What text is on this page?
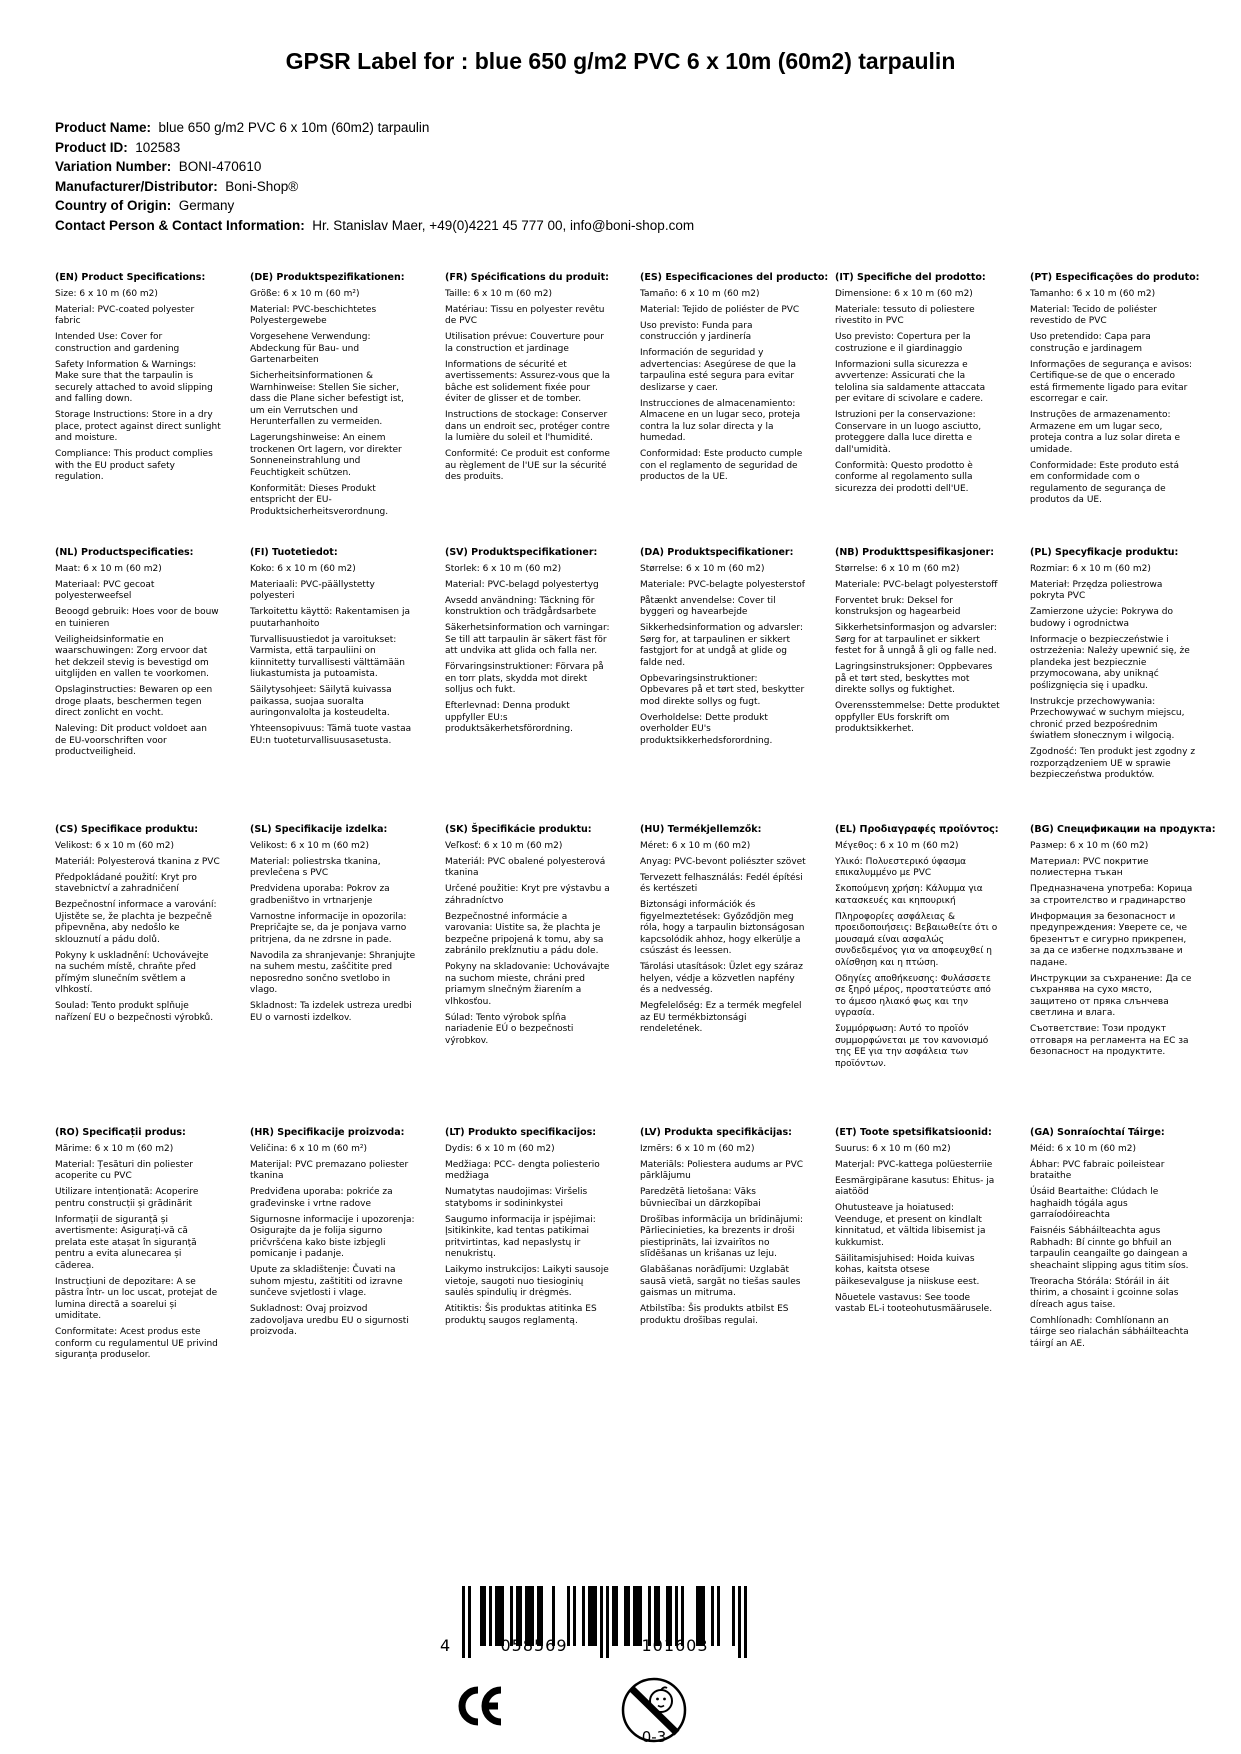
GPSR Label for : blue 650 g/m2 PVC 6 x 10m (60m2) tarpaulin
Product Name:  blue 650 g/m2 PVC 6 x 10m (60m2) tarpaulin
Product ID:  102583
Variation Number:  BONI-470610
Manufacturer/Distributor:  Boni-Shop®
Country of Origin:  Germany
Contact Person & Contact Information:  Hr. Stanislav Maer, +49(0)4221 45 777 00, info@boni-shop.com
(EN) Product Specifications:

Size: 6 x 10 m (60 m2)

Material: PVC-coated polyester fabric

Intended Use: Cover for construction and gardening

Safety Information & Warnings: Make sure that the tarpaulin is securely attached to avoid slipping and falling down.

Storage Instructions: Store in a dry place, protect against direct sunlight and moisture.

Compliance: This product complies with the EU product safety regulation.

(DE) Produktspezifikationen:

Größe: 6 x 10 m (60 m²)

Material: PVC-beschichtetes Polyestergewebe

Vorgesehene Verwendung: Abdeckung für Bau- und Gartenarbeiten

Sicherheitsinformationen & Warnhinweise: Stellen Sie sicher, dass die Plane sicher befestigt ist, um ein Verrutschen und Herunterfallen zu vermeiden.

Lagerungshinweise: An einem trockenen Ort lagern, vor direkter Sonneneinstrahlung und Feuchtigkeit schützen.

Konformität: Dieses Produkt entspricht der EU-Produktsicherheitsverordnung.

(FR) Spécifications du produit:

Taille: 6 x 10 m (60 m2)

Matériau: Tissu en polyester revêtu de PVC

Utilisation prévue: Couverture pour la construction et jardinage

Informations de sécurité et avertissements: Assurez-vous que la bâche est solidement fixée pour éviter de glisser et de tomber.

Instructions de stockage: Conserver dans un endroit sec, protéger contre la lumière du soleil et l'humidité.

Conformité: Ce produit est conforme au règlement de l'UE sur la sécurité des produits.

(ES) Especificaciones del producto:

Tamaño: 6 x 10 m (60 m2)

Material: Tejido de poliéster de PVC

Uso previsto: Funda para construcción y jardinería

Información de seguridad y advertencias: Asegúrese de que la tarpaulina esté segura para evitar deslizarse y caer.

Instrucciones de almacenamiento: Almacene en un lugar seco, proteja contra la luz solar directa y la humedad.

Conformidad: Este producto cumple con el reglamento de seguridad de productos de la UE.

(IT) Specifiche del prodotto:

Dimensione: 6 x 10 m (60 m2)

Materiale: tessuto di poliestere rivestito in PVC

Uso previsto: Copertura per la costruzione e il giardinaggio

Informazioni sulla sicurezza e avvertenze: Assicurati che la telolina sia saldamente attaccata per evitare di scivolare e cadere.

Istruzioni per la conservazione: Conservare in un luogo asciutto, proteggere dalla luce diretta e dall'umidità.

Conformità: Questo prodotto è conforme al regolamento sulla sicurezza dei prodotti dell'UE.

(PT) Especificações do produto:

Tamanho: 6 x 10 m (60 m2)

Material: Tecido de poliéster revestido de PVC

Uso pretendido: Capa para construção e jardinagem

Informações de segurança e avisos: Certifique-se de que o encerado está firmemente ligado para evitar escorregar e cair.

Instruções de armazenamento: Armazene em um lugar seco, proteja contra a luz solar direta e umidade.

Conformidade: Este produto está em conformidade com o regulamento de segurança de produtos da UE.

(NL) Productspecificaties:

Maat: 6 x 10 m (60 m2)

Materiaal: PVC gecoat polyesterweefsel

Beoogd gebruik: Hoes voor de bouw en tuinieren

Veiligheidsinformatie en waarschuwingen: Zorg ervoor dat het dekzeil stevig is bevestigd om uitglijden en vallen te voorkomen.

Opslaginstructies: Bewaren op een droge plaats, beschermen tegen direct zonlicht en vocht.

Naleving: Dit product voldoet aan de EU-voorschriften voor productveiligheid.

(FI) Tuotetiedot:

Koko: 6 x 10 m (60 m2)

Materiaali: PVC-päällystetty polyesteri

Tarkoitettu käyttö: Rakentamisen ja puutarhanhoito

Turvallisuustiedot ja varoitukset: Varmista, että tarpauliini on kiinnitetty turvallisesti välttämään liukastumista ja putoamista.

Säilytysohjeet: Säilytä kuivassa paikassa, suojaa suoralta auringonvalolta ja kosteudelta.

Yhteensopivuus: Tämä tuote vastaa EU:n tuoteturvallisuusasetusta.

(SV) Produktspecifikationer:

Storlek: 6 x 10 m (60 m2)

Material: PVC-belagd polyestertyg

Avsedd användning: Täckning för konstruktion och trädgårdsarbete

Säkerhetsinformation och varningar: Se till att tarpaulin är säkert fäst för att undvika att glida och falla ner.

Förvaringsinstruktioner: Förvara på en torr plats, skydda mot direkt solljus och fukt.

Efterlevnad: Denna produkt uppfyller EU:s produktsäkerhetsförordning.

(DA) Produktspecifikationer:

Størrelse: 6 x 10 m (60 m2)

Materiale: PVC-belagte polyesterstof

Påtænkt anvendelse: Cover til byggeri og havearbejde

Sikkerhedsinformation og advarsler: Sørg for, at tarpaulinen er sikkert fastgjort for at undgå at glide og falde ned.

Opbevaringsinstruktioner: Opbevares på et tørt sted, beskytter mod direkte sollys og fugt.

Overholdelse: Dette produkt overholder EU's produktsikkerhedsforordning.

(NB) Produkttspesifikasjoner:

Størrelse: 6 x 10 m (60 m2)

Materiale: PVC-belagt polyesterstoff

Forventet bruk: Deksel for konstruksjon og hagearbeid

Sikkerhetsinformasjon og advarsler: Sørg for at tarpaulinet er sikkert festet for å unngå å gli og falle ned.

Lagringsinstruksjoner: Oppbevares på et tørt sted, beskyttes mot direkte sollys og fuktighet.

Overensstemmelse: Dette produktet oppfyller EUs forskrift om produktsikkerhet.

(PL) Specyfikacje produktu:

Rozmiar: 6 x 10 m (60 m2)

Materiał: Przędza poliestrowa pokryta PVC

Zamierzone użycie: Pokrywa do budowy i ogrodnictwa

Informacje o bezpieczeństwie i ostrzeżenia: Należy upewnić się, że plandeka jest bezpiecznie przymocowana, aby uniknąć poślizgnięcia się i upadku.

Instrukcje przechowywania: Przechowywać w suchym miejscu, chronić przed bezpośrednim światłem słonecznym i wilgocią.

Zgodność: Ten produkt jest zgodny z rozporządzeniem UE w sprawie bezpieczeństwa produktów.

(CS) Specifikace produktu:

Velikost: 6 x 10 m (60 m2)

Materiál: Polyesterová tkanina z PVC

Předpokládané použití: Kryt pro stavebnictví a zahradničení

Bezpečnostní informace a varování: Ujistěte se, že plachta je bezpečně připevněna, aby nedošlo ke sklouznutí a pádu dolů.

Pokyny k uskladnění: Uchovávejte na suchém místě, chraňte před přímým slunečním světlem a vlhkostí.

Soulad: Tento produkt splňuje nařízení EU o bezpečnosti výrobků.

(SL) Specifikacije izdelka:

Velikost: 6 x 10 m (60 m2)

Material: poliestrska tkanina, prevlečena s PVC

Predvidena uporaba: Pokrov za gradbeništvo in vrtnarjenje

Varnostne informacije in opozorila: Prepričajte se, da je ponjava varno pritrjena, da ne zdrsne in pade.

Navodila za shranjevanje: Shranjujte na suhem mestu, zaščitite pred neposredno sončno svetlobo in vlago.

Skladnost: Ta izdelek ustreza uredbi EU o varnosti izdelkov.

(SK) Špecifikácie produktu:

Veľkosť: 6 x 10 m (60 m2)

Materiál: PVC obalené polyesterová tkanina

Určené použitie: Kryt pre výstavbu a záhradníctvo

Bezpečnostné informácie a varovania: Uistite sa, že plachta je bezpečne pripojená k tomu, aby sa zabránilo prekĺznutiu a pádu dole.

Pokyny na skladovanie: Uchovávajte na suchom mieste, chráni pred priamym slnečným žiarením a vlhkosťou.

Súlad: Tento výrobok spĺňa nariadenie EÚ o bezpečnosti výrobkov.

(HU) Termékjellemzők:

Méret: 6 x 10 m (60 m2)

Anyag: PVC-bevont poliészter szövet

Tervezett felhasználás: Fedél építési és kertészeti

Biztonsági információk és figyelmeztetések: Győződjön meg róla, hogy a tarpaulin biztonságosan kapcsolódik ahhoz, hogy elkerülje a csúszást és leessen.

Tárolási utasítások: Üzlet egy száraz helyen, védje a közvetlen napfény és a nedvesség.

Megfelelőség: Ez a termék megfelel az EU termékbiztonsági rendeletének.

(EL) Προδιαγραφές προϊόντος:

Μέγεθος: 6 x 10 m (60 m2)

Υλικό: Πολυεστερικό ύφασμα επικαλυμμένο με PVC

Σκοπούμενη χρήση: Κάλυμμα για κατασκευές και κηπουρική

Πληροφορίες ασφάλειας & προειδοποιήσεις: Βεβαιωθείτε ότι ο μουσαμά είναι ασφαλώς συνδεδεμένος για να αποφευχθεί η ολίσθηση και η πτώση.

Οδηγίες αποθήκευσης: Φυλάσσετε σε ξηρό μέρος, προστατεύστε από το άμεσο ηλιακό φως και την υγρασία.

Συμμόρφωση: Αυτό το προϊόν συμμορφώνεται με τον κανονισμό της ΕΕ για την ασφάλεια των προϊόντων.

(BG) Спецификации на продукта:

Размер: 6 x 10 m (60 m2)

Материал: PVC покритие полиестерна тъкан

Предназначена употреба: Корица за строителство и градинарство

Информация за безопасност и предупреждения: Уверете се, че брезентът е сигурно прикрепен, за да се избегне подхлъзване и падане.

Инструкции за съхранение: Да се съхранява на сухо място, защитено от пряка слънчева светлина и влага.

Съответствие: Този продукт отговаря на регламента на ЕС за безопасност на продуктите.

(RO) Specificații produs:

Mărime: 6 x 10 m (60 m2)

Material: Țesături din poliester acoperite cu PVC

Utilizare intenționată: Acoperire pentru construcții și grădinărit

Informații de siguranță și avertismente: Asigurați-vă că prelata este atașat în siguranță pentru a evita alunecarea și căderea.

Instrucțiuni de depozitare: A se păstra într- un loc uscat, protejat de lumina directă a soarelui și umiditate.

Conformitate: Acest produs este conform cu regulamentul UE privind siguranța produselor.

(HR) Specifikacije proizvoda:

Veličina: 6 x 10 m (60 m²)

Materijal: PVC premazano poliester tkanina

Predviđena uporaba: pokriće za građevinske i vrtne radove

Sigurnosne informacije i upozorenja: Osigurajte da je folija sigurno pričvršćena kako biste izbjegli pomicanje i padanje.

Upute za skladištenje: Čuvati na suhom mjestu, zaštititi od izravne sunčeve svjetlosti i vlage.

Sukladnost: Ovaj proizvod zadovoljava uredbu EU o sigurnosti proizvoda.

(LT) Produkto specifikacijos:

Dydis: 6 x 10 m (60 m2)

Medžiaga: PCC- dengta poliesterio medžiaga

Numatytas naudojimas: Viršelis statyboms ir sodininkystei

Saugumo informacija ir įspėjimai: Įsitikinkite, kad tentas patikimai pritvirtintas, kad nepaslystų ir nenukristų.

Laikymo instrukcijos: Laikyti sausoje vietoje, saugoti nuo tiesioginių saulės spindulių ir drėgmės.

Atitiktis: Šis produktas atitinka ES produktų saugos reglamentą.

(LV) Produkta specifikācijas:

Izmērs: 6 x 10 m (60 m2)

Materiāls: Poliestera audums ar PVC pārklājumu

Paredzētā lietošana: Vāks būvniecībai un dārzkopībai

Drošības informācija un brīdinājumi: Pārliecinieties, ka brezents ir droši piestiprināts, lai izvairītos no slīdēšanas un krišanas uz leju.

Glabāšanas norādījumi: Uzglabāt sausā vietā, sargāt no tiešas saules gaismas un mitruma.

Atbilstība: Šis produkts atbilst ES produktu drošības regulai.

(ET) Toote spetsifikatsioonid:

Suurus: 6 x 10 m (60 m2)

Materjal: PVC-kattega polüesterriie

Eesmärgipärane kasutus: Ehitus- ja aiatööd

Ohutusteave ja hoiatused: Veenduge, et present on kindlalt kinnitatud, et vältida libisemist ja kukkumist.

Säilitamisjuhised: Hoida kuivas kohas, kaitsta otsese päikesevalguse ja niiskuse eest.

Nõuetele vastavus: See toode vastab EL-i tooteohutusmäärusele.

(GA) Sonraíochtaí Táirge:

Méid: 6 x 10 m (60 m2)

Ábhar: PVC fabraic poileistear brataithe

Úsáid Beartaithe: Clúdach le haghaidh tógála agus garraíodóireachta

Faisnéis Sábháilteachta agus Rabhadh: Bí cinnte go bhfuil an tarpaulin ceangailte go daingean a sheachaint slipping agus titim síos.

Treoracha Stórála: Stóráil in áit thirim, a chosaint i gcoinne solas díreach agus taise.

Comhlíonadh: Comhlíonann an táirge seo rialachán sábháilteachta táirgí an AE.

4	058569	101603
0-3
